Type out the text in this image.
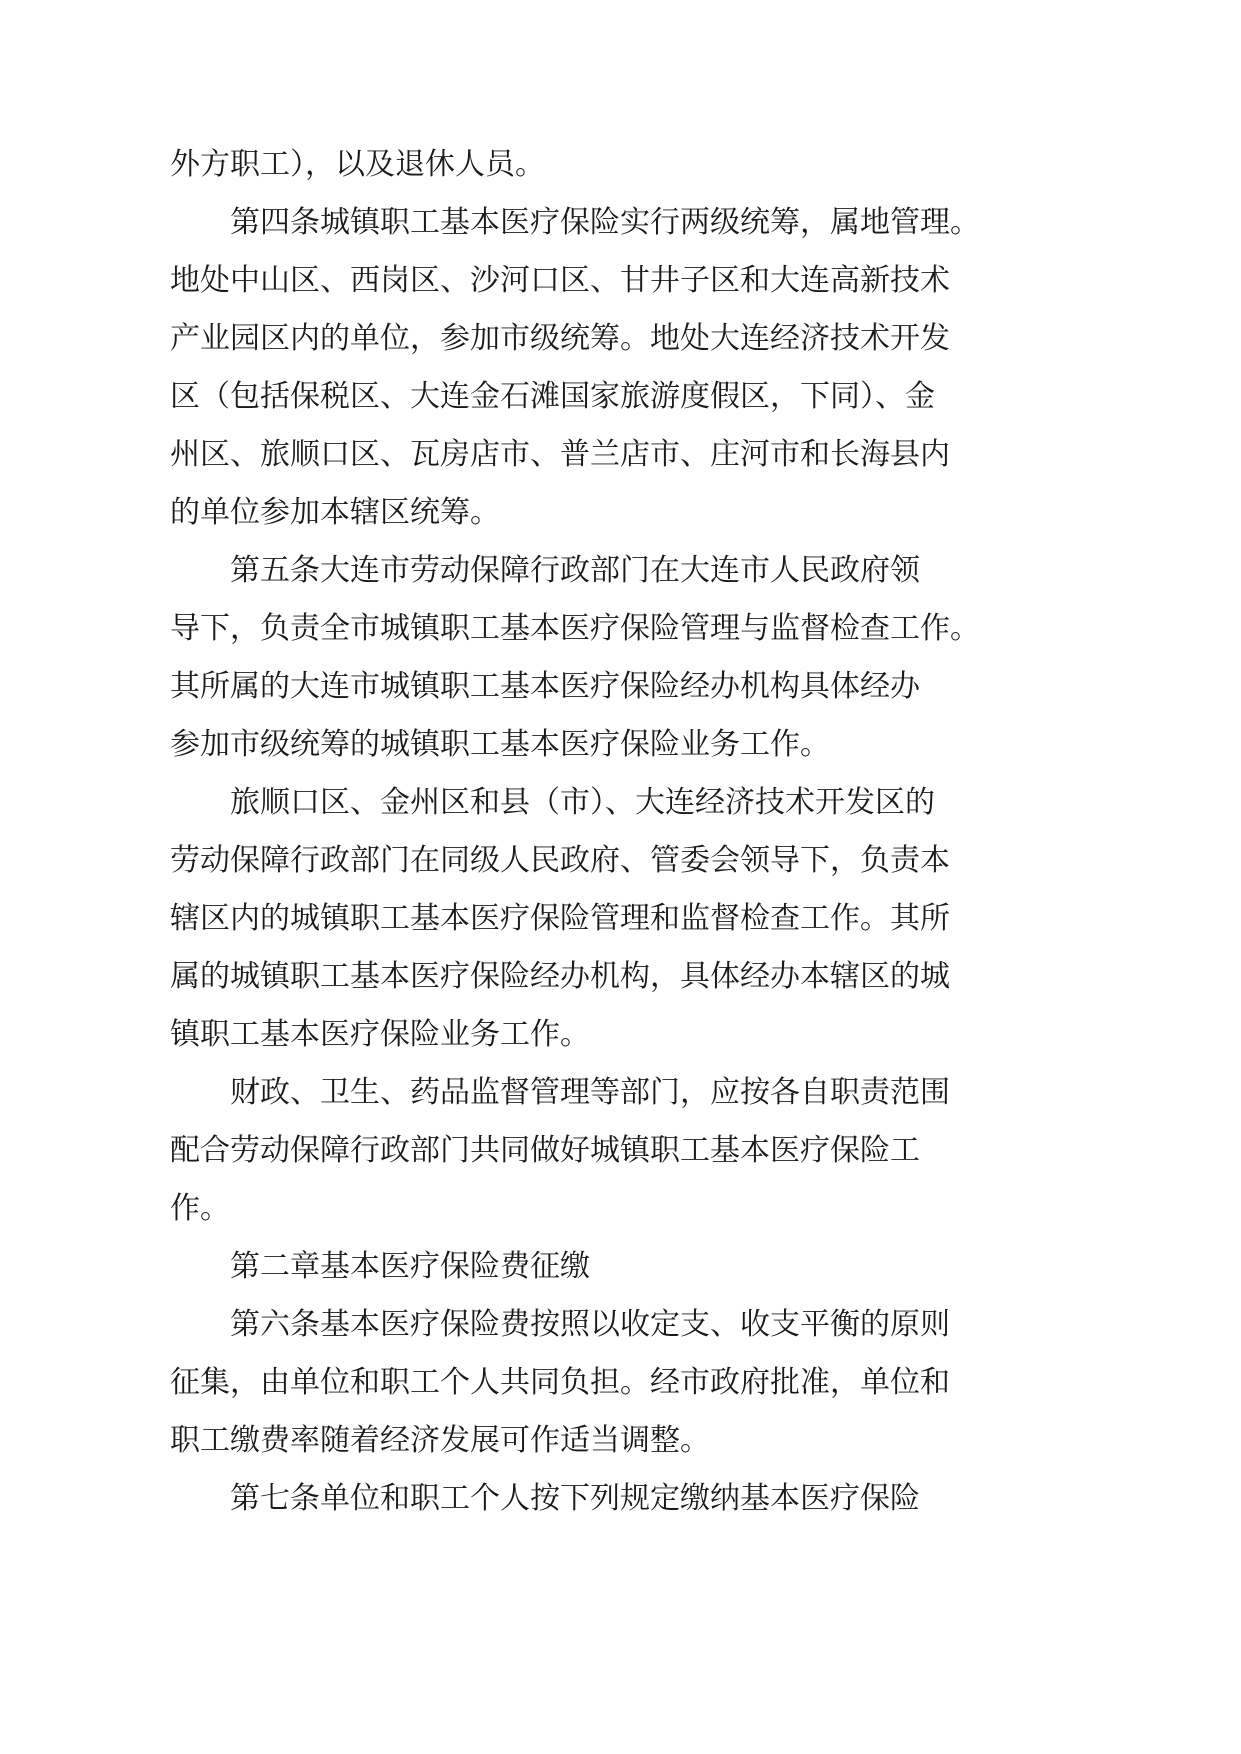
外方职工），以及退休人员。
第四条城镇职工基本医疗保险实行两级统筹，属地管理。
地处中山区、西岗区、沙河口区、甘井子区和大连高新技术
产业园区内的单位，参加市级统筹。地处大连经济技术开发
区（包括保税区、大连金石滩国家旅游度假区，下同）、金
州区、旅顺口区、瓦房店市、普兰店市、庄河市和长海县内
的单位参加本辖区统筹。
第五条大连市劳动保障行政部门在大连市人民政府领
导下，负责全市城镇职工基本医疗保险管理与监督检查工作。
其所属的大连市城镇职工基本医疗保险经办机构具体经办
参加市级统筹的城镇职工基本医疗保险业务工作。
旅顺口区、金州区和县（市）、大连经济技术开发区的
劳动保障行政部门在同级人民政府、管委会领导下，负责本
辖区内的城镇职工基本医疗保险管理和监督检查工作。其所
属的城镇职工基本医疗保险经办机构，具体经办本辖区的城
镇职工基本医疗保险业务工作。
财政、卫生、药品监督管理等部门，应按各自职责范围
配合劳动保障行政部门共同做好城镇职工基本医疗保险工
作。
第二章基本医疗保险费征缴
第六条基本医疗保险费按照以收定支、收支平衡的原则
征集，由单位和职工个人共同负担。经市政府批准，单位和
职工缴费率随着经济发展可作适当调整。
第七条单位和职工个人按下列规定缴纳基本医疗保险
